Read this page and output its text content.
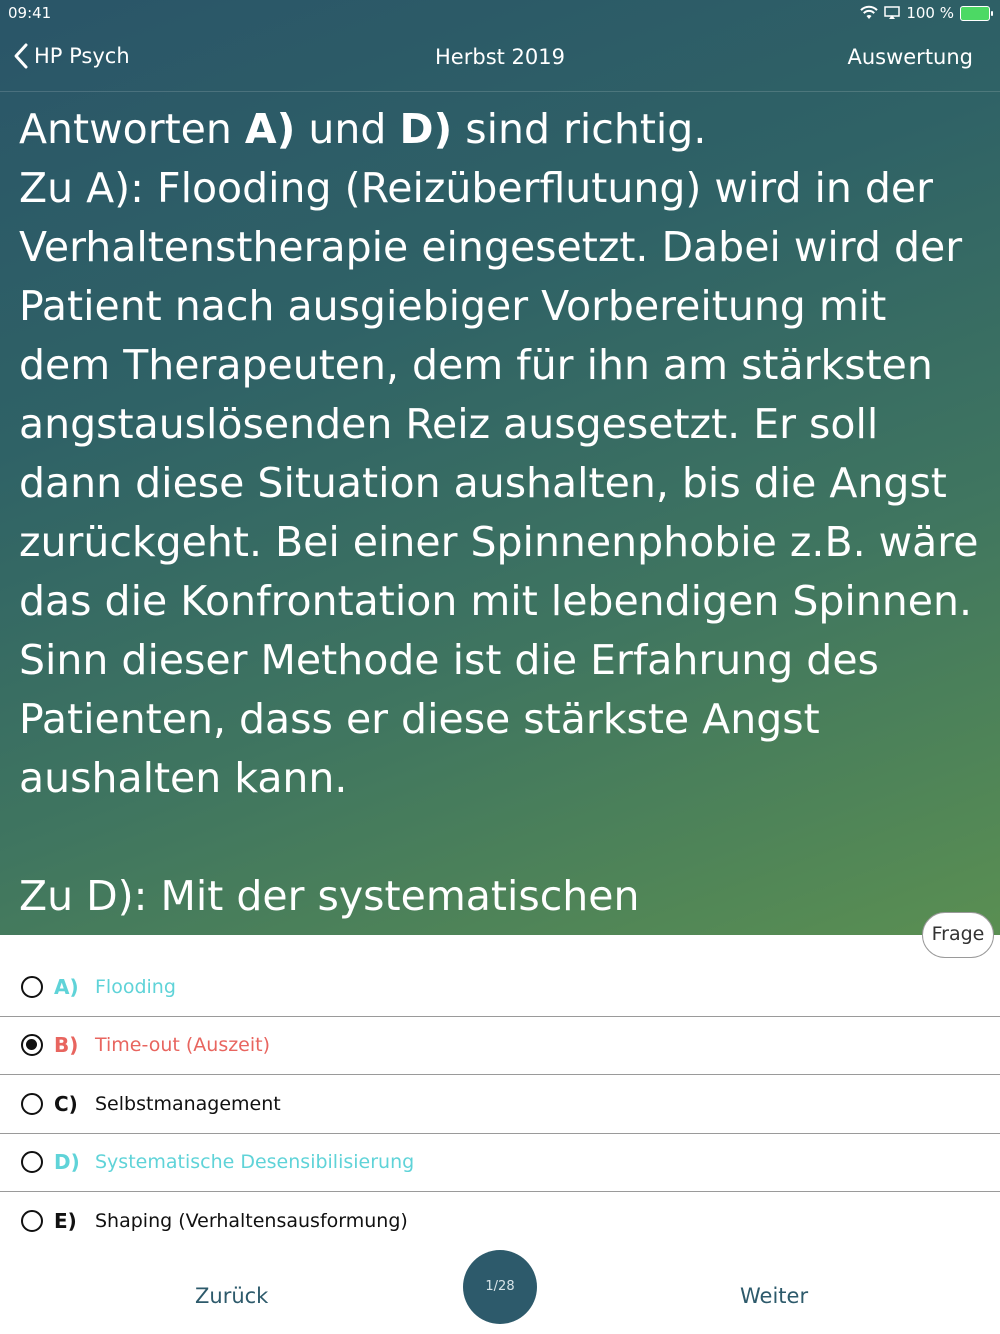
09:41	100 %
HP Psych	Herbst 2019	Auswertung

Antworten A) und D) sind richtig.

Zu A): Flooding (Reizüberflutung) wird in der Verhaltenstherapie eingesetzt. Dabei wird der Patient nach ausgiebiger Vorbereitung mit dem Therapeuten, dem für ihn am stärksten angstauslösenden Reiz ausgesetzt. Er soll dann diese Situation aushalten, bis die Angst zurückgeht. Bei einer Spinnenphobie z.B. wäre das die Konfrontation mit lebendigen Spinnen. Sinn dieser Methode ist die Erfahrung des Patienten, dass er diese stärkste Angst aushalten kann.

Zu D): Mit der systematischen Desensibilisierung	Frage
A) Flooding
B) Time-out (Auszeit)
C) Selbstmanagement
D) Systematische Desensibilisierung
E) Shaping (Verhaltensausformung)
Zurück	1/28	Weiter
